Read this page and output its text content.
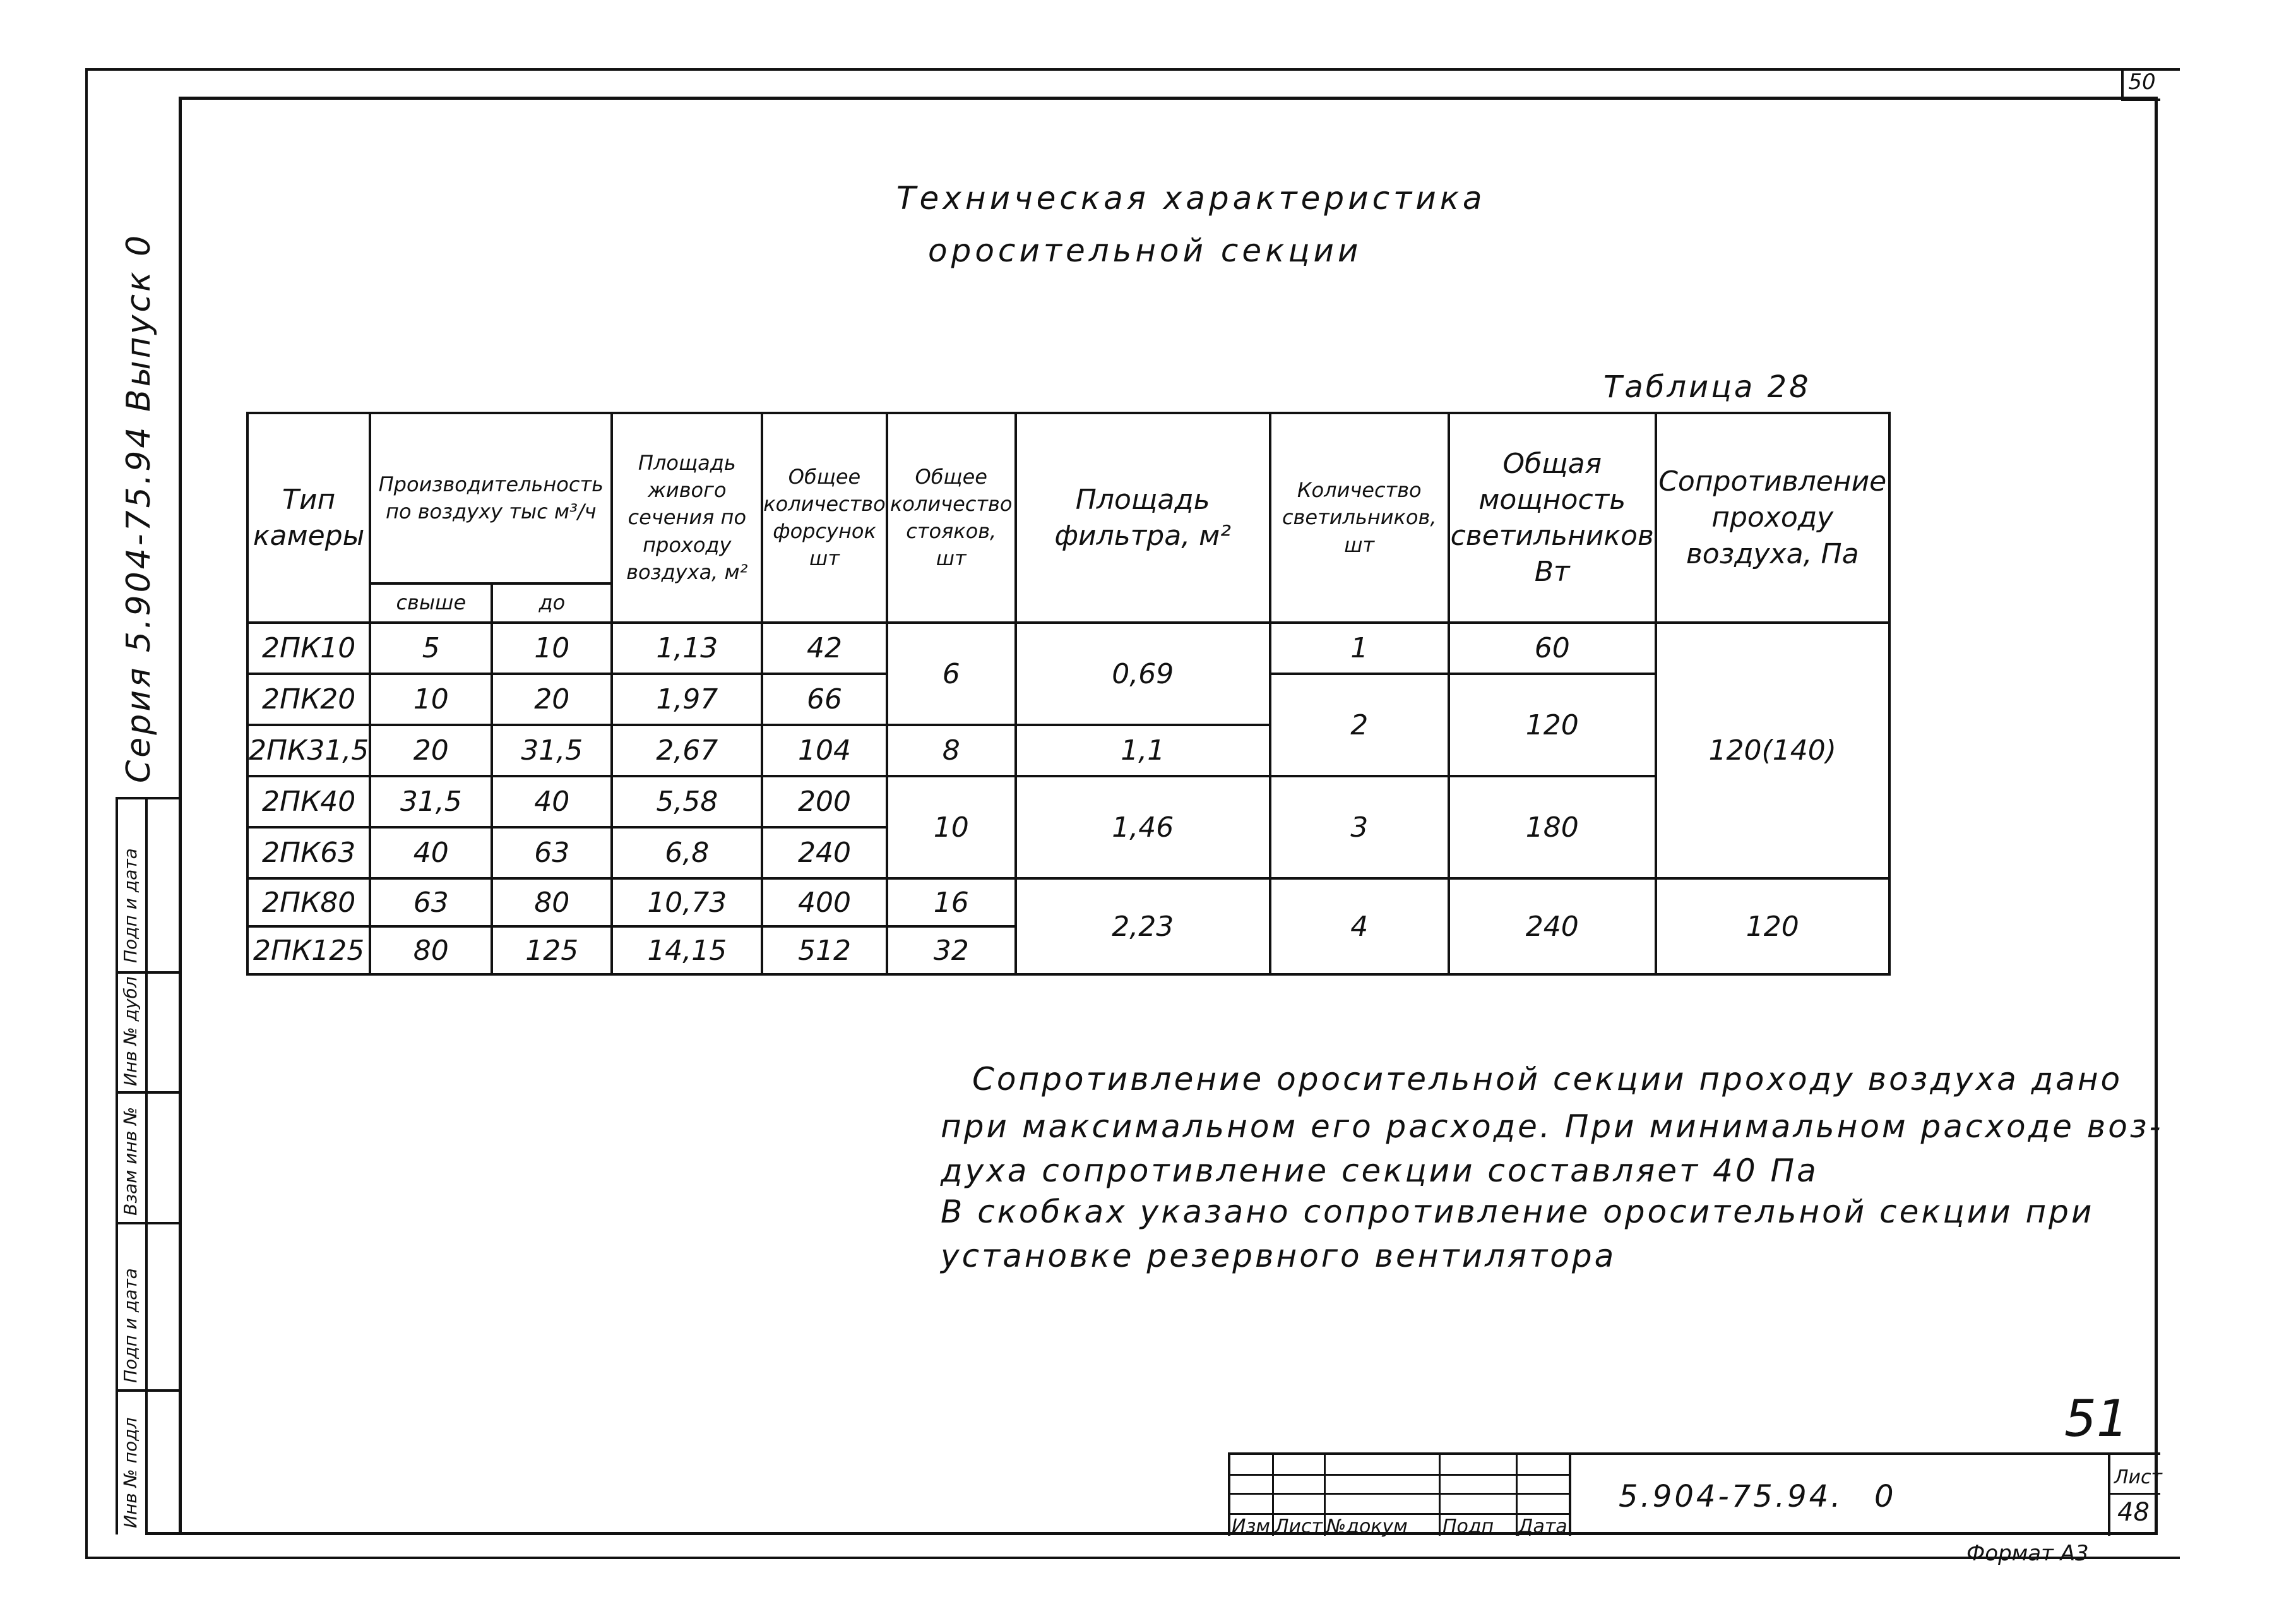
50
Серия 5.904-75.94 Выпуск 0
Подп и дата
Инв № дубл
Взам инв №
Подп и дата
Инв № подл
Техническая характеристика
оросительной секции
Таблица 28
Тип камеры	Производительность по воздуху тыс м³/ч		Площадь живого сечения по проходу воздуха, м²	Общее количество форсунок шт	Общее количество стояков, шт	Площадь фильтра, м²	Количество светильников, шт	Общая мощность светильников Вт	Сопротивление проходу воздуха, Па
	свыше	до							
2ПК10	5	10	1,13	42	6	0,69	1	60	120(140)
2ПК20	10	20	1,97	66			2	120	
2ПК31,5	20	31,5	2,67	104	8	1,1			
2ПК40	31,5	40	5,58	200	10	1,46	3	180	
2ПК63	40	63	6,8	240					
2ПК80	63	80	10,73	400	16	2,23	4	240	120
2ПК125	80	125	14,15	512	32				
Сопротивление оросительной секции проходу воздуха дано
при максимальном его расходе. При минимальном расходе воз-
духа сопротивление секции составляет 40 Па
В скобках указано сопротивление оросительной секции при
установке резервного вентилятора
51
Изм Лист №докум Подп Дата
5.904-75.94. 0
Лист
48
Формат А3
